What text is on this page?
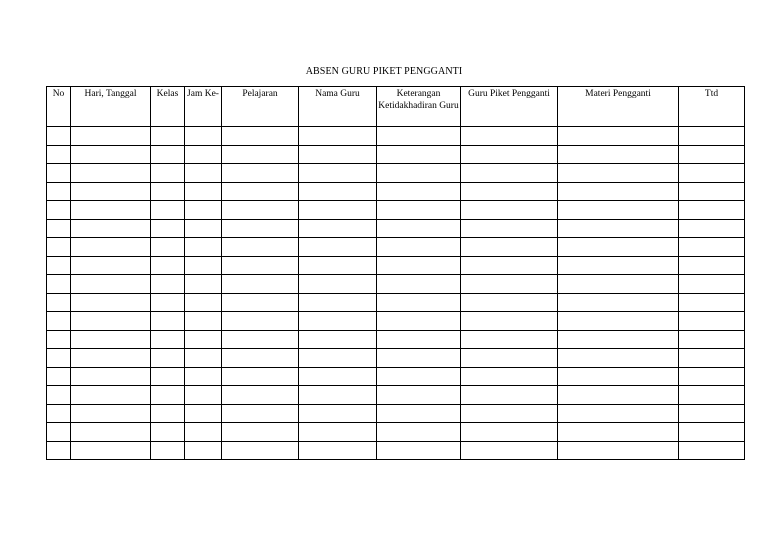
ABSEN GURU PIKET PENGGANTI
No	Hari, Tanggal	Kelas	Jam Ke-	Pelajaran	Nama Guru	Keterangan Ketidakhadiran Guru	Guru Piket Pengganti	Materi Pengganti	Ttd
